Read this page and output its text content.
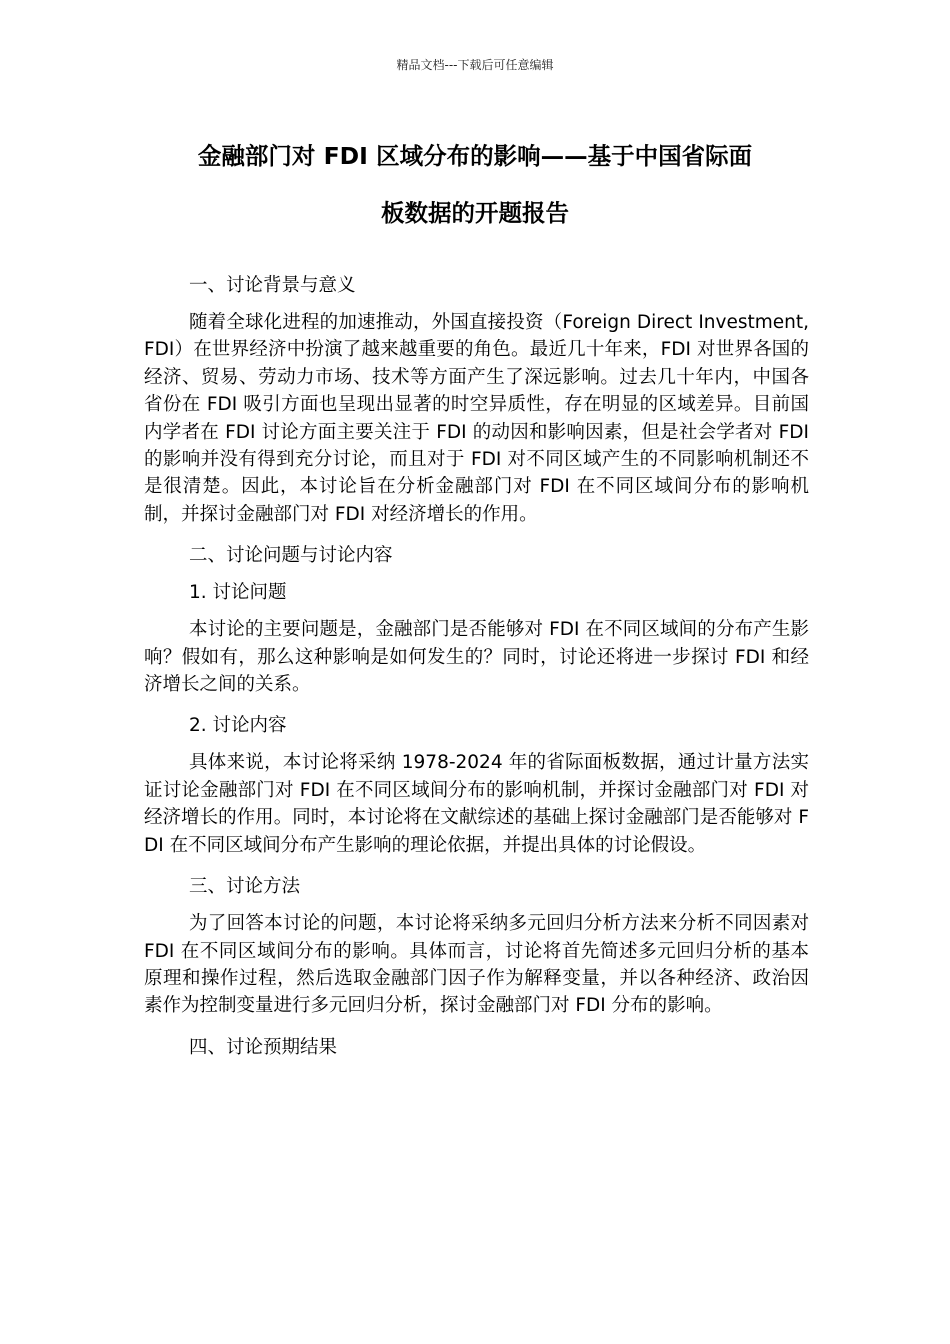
精品文档---下载后可任意编辑
金融部门对 FDI 区域分布的影响——基于中国省际面
板数据的开题报告

一、讨论背景与意义

随着全球化进程的加速推动，外国直接投资（Foreign Direct Investment, FDI）在世界经济中扮演了越来越重要的角色。最近几十年来，FDI 对世界各国的经济、贸易、劳动力市场、技术等方面产生了深远影响。过去几十年内，中国各省份在 FDI 吸引方面也呈现出显著的时空异质性，存在明显的区域差异。目前国内学者在 FDI 讨论方面主要关注于 FDI 的动因和影响因素，但是社会学者对 FDI 的影响并没有得到充分讨论，而且对于 FDI 对不同区域产生的不同影响机制还不是很清楚。因此，本讨论旨在分析金融部门对 FDI 在不同区域间分布的影响机制，并探讨金融部门对 FDI 对经济增长的作用。

二、讨论问题与讨论内容

1. 讨论问题

本讨论的主要问题是，金融部门是否能够对 FDI 在不同区域间的分布产生影响？假如有，那么这种影响是如何发生的？同时，讨论还将进一步探讨 FDI 和经济增长之间的关系。

2. 讨论内容

具体来说，本讨论将采纳 1978-2024 年的省际面板数据，通过计量方法实证讨论金融部门对 FDI 在不同区域间分布的影响机制，并探讨金融部门对 FDI 对经济增长的作用。同时，本讨论将在文献综述的基础上探讨金融部门是否能够对 FDI 在不同区域间分布产生影响的理论依据，并提出具体的讨论假设。

三、讨论方法

为了回答本讨论的问题，本讨论将采纳多元回归分析方法来分析不同因素对 FDI 在不同区域间分布的影响。具体而言，讨论将首先简述多元回归分析的基本原理和操作过程，然后选取金融部门因子作为解释变量，并以各种经济、政治因素作为控制变量进行多元回归分析，探讨金融部门对 FDI 分布的影响。

四、讨论预期结果
